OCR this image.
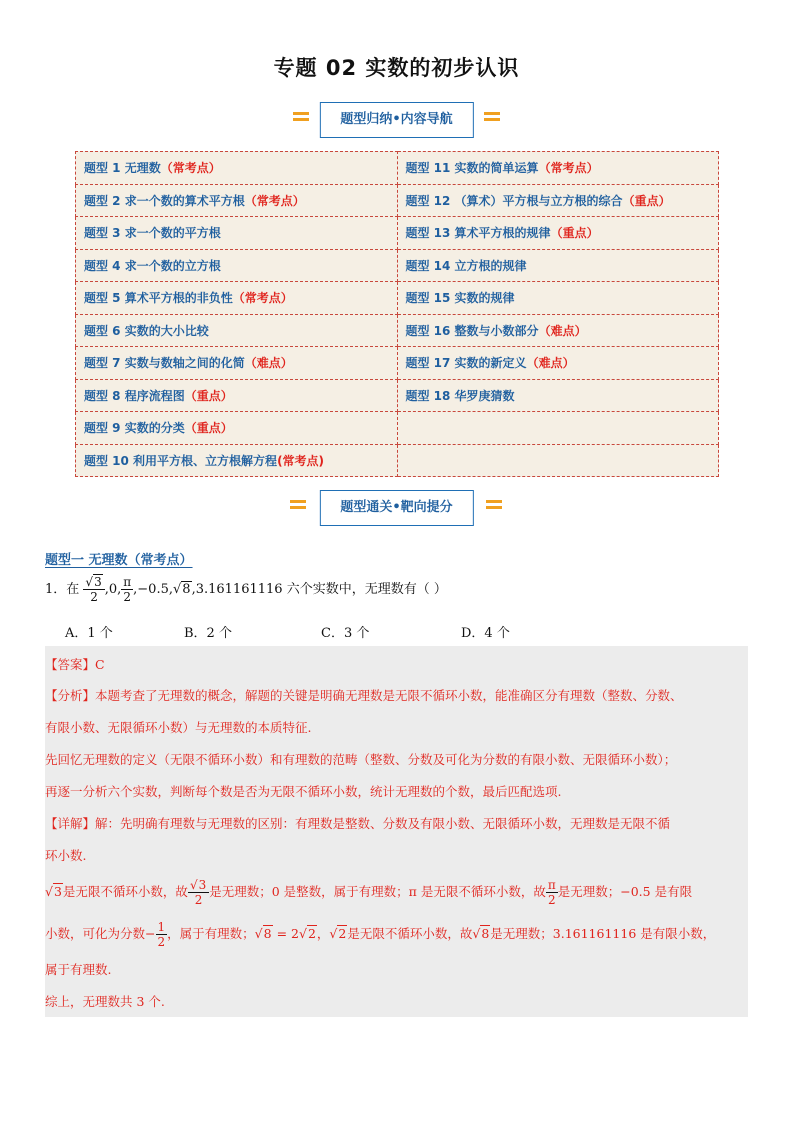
专题 02 实数的初步认识
题型归纳•内容导航
题型 1 无理数（常考点）	题型 11 实数的简单运算（常考点）
题型 2 求一个数的算术平方根（常考点）	题型 12 （算术）平方根与立方根的综合（重点）
题型 3 求一个数的平方根	题型 13 算术平方根的规律（重点）
题型 4 求一个数的立方根	题型 14 立方根的规律
题型 5 算术平方根的非负性（常考点）	题型 15 实数的规律
题型 6 实数的大小比较	题型 16 整数与小数部分（难点）
题型 7 实数与数轴之间的化简（难点）	题型 17 实数的新定义（难点）
题型 8 程序流程图（重点）	题型 18 华罗庚猜数
题型 9 实数的分类（重点）	
题型 10 利用平方根、立方根解方程(常考点)	
题型通关•靶向提分
题型一 无理数（常考点）
1．在 $\frac{√3}{2} ,0$, $\frac{\pi}{2} ,-0.5,√8,3.161161116$ 六个实数中，无理数有（ ）
A．1 个	B．2 个	C．3 个	D．4 个
【答案】C
【分析】本题考查了无理数的概念，解题的关键是明确无理数是无限不循环小数，能准确区分有理数（整数、分数、
有限小数、无限循环小数）与无理数的本质特征.
先回忆无理数的定义（无限不循环小数）和有理数的范畴（整数、分数及可化为分数的有限小数、无限循环小数）；
再逐一分析六个实数，判断每个数是否为无限不循环小数，统计无理数的个数，最后匹配选项.
【详解】解：先明确有理数与无理数的区别：有理数是整数、分数及有限小数、无限循环小数，无理数是无限不循
环小数.
√3是无限不循环小数，故 $\frac{√3}{2}$ 是无理数；0 是整数，属于有理数；π 是无限不循环小数，故 $\frac{\pi}{2}$ 是无理数；−0.5 是有限
小数，可化为分数− $\frac{1}{2}$ ，属于有理数；√8 = 2√2，√2是无限不循环小数，故√8是无理数；3.161161116 是有限小数，
属于有理数.
综上，无理数共 3 个.
